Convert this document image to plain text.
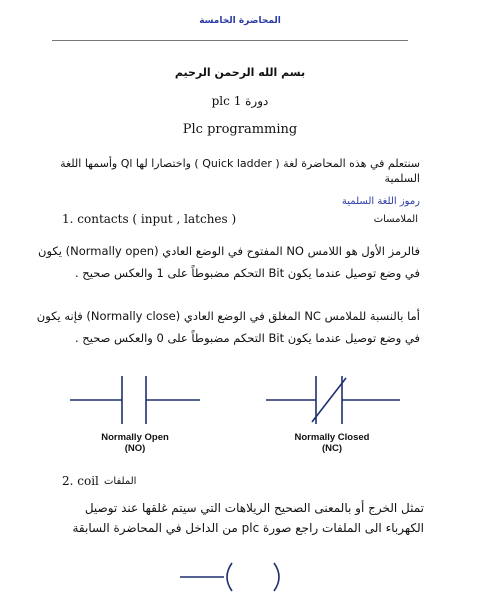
المحاضرة الخامسة
بسم الله الرحمن الرحيم
دورة 1 plc
Plc programming
سنتعلم في هذه المحاضرة لغة ( Quick ladder ) واختصارا لها Ql وأسمها اللغة السلمية
رموز اللغة السلمية
1. contacts ( input , latches )	الملامسات
فالرمز الأول هو اللامس NO المفتوح في الوضع العادي (Normally open) يكون في وضع توصيل عندما يكون Bit التحكم مضبوطاً على 1 والعكس صحيح .
أما بالنسبة للملامس NC المغلق في الوضع العادي (Normally close) فإنه يكون في وضع توصيل عندما يكون Bit التحكم مضبوطاً على 0 والعكس صحيح .
Normally Open
(NO)
Normally Closed
(NC)
2. coil الملفات
تمثل الخرج أو بالمعنى الصحيح الريلاهات التي سيتم غلقها عند توصيل الكهرباء الى الملفات راجع صورة plc من الداخل في المحاضرة السابقة
